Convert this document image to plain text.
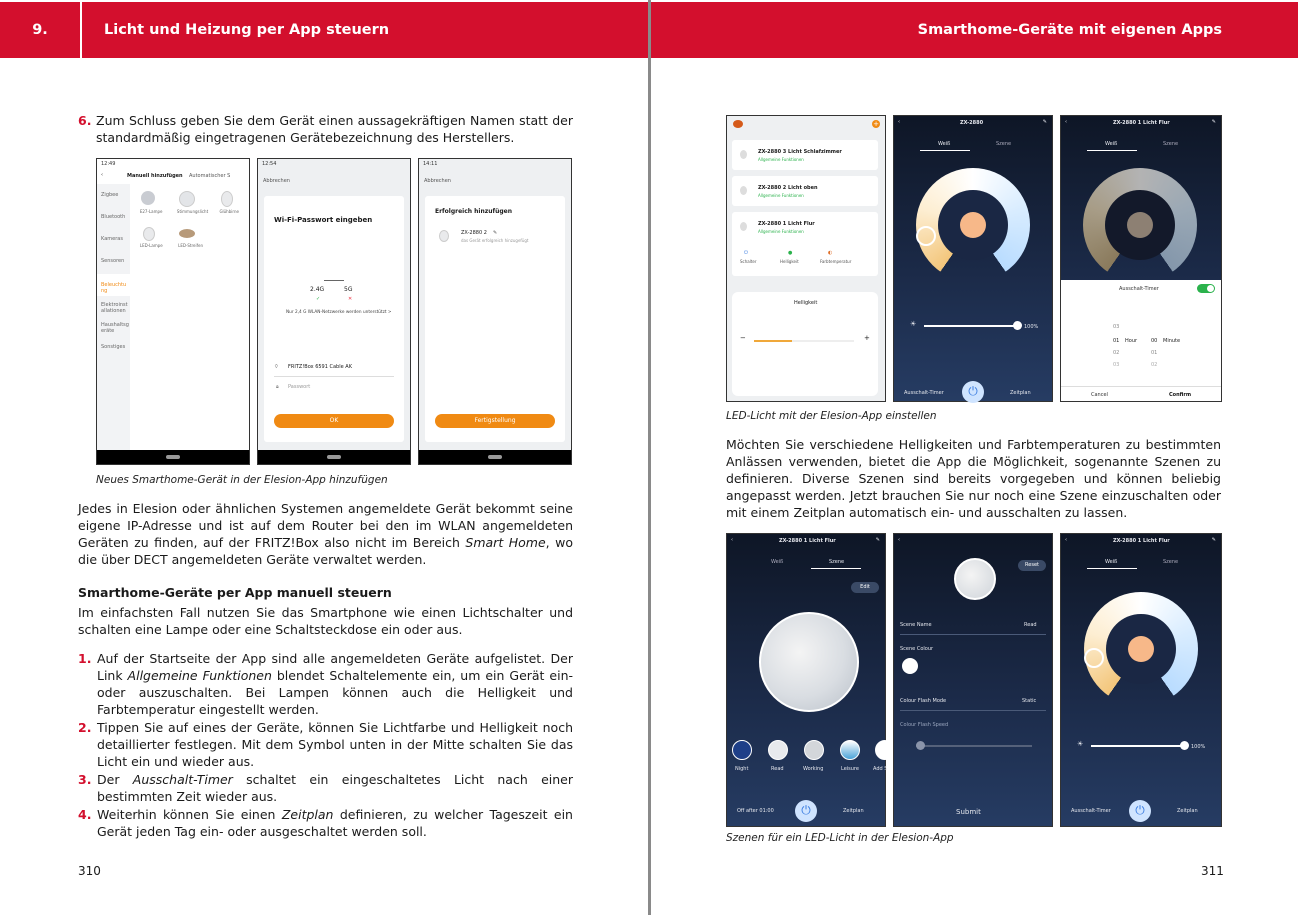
9.	Licht und Heizung per App steuern
6. Zum Schluss geben Sie dem Gerät einen aussagekräftigen Namen statt der standardmäßig eingetragenen Gerätebezeichnung des Herstellers.
12:49
‹	Manuell hinzufügen Automatischer S
Zigbee
Bluetooth
Kameras
Sensoren
Beleuchtung
Elektroinstallationen
Haushaltsgeräte
Sonstiges
E27-Lampe	Stimmungslicht Glühbirne
LED-Lampe	LED-Streifen
12:54
Abbrechen
Wi-Fi-Passwort eingeben
2.4G	5G
✓	✕
Nur 2,4 G WLAN-Netzwerke werden unterstützt >
⌔ FRITZ!Box 6591 Cable AK
🔒︎ Passwort
OK
14:11
Abbrechen
Erfolgreich hinzufügen
ZX-2880 2 ✎
das Gerät erfolgreich hinzugefügt
Fertigstellung
Neues Smarthome-Gerät in der Elesion-App hinzufügen
Jedes in Elesion oder ähnlichen Systemen angemeldete Gerät bekommt seine eigene IP-Adresse und ist auf dem Router bei den im WLAN angemeldeten Geräten zu finden, auf der FRITZ!Box also nicht im Bereich Smart Home, wo die über DECT angemeldeten Geräte verwaltet werden.
Smarthome-Geräte per App manuell steuern
Im einfachsten Fall nutzen Sie das Smartphone wie einen Lichtschalter und schalten eine Lampe oder eine Schaltsteckdose ein oder aus.
1. Auf der Startseite der App sind alle angemeldeten Geräte aufgelistet. Der Link Allgemeine Funktionen blendet Schaltelemente ein, um ein Gerät ein- oder auszuschalten. Bei Lampen können auch die Helligkeit und Farbtemperatur eingestellt werden.
2. Tippen Sie auf eines der Geräte, können Sie Lichtfarbe und Helligkeit noch detaillierter festlegen. Mit dem Symbol unten in der Mitte schalten Sie das Licht ein und wieder aus.
3. Der Ausschalt-Timer schaltet ein eingeschaltetes Licht nach einer bestimmten Zeit wieder aus.
4. Weiterhin können Sie einen Zeitplan definieren, zu welcher Tageszeit ein Gerät jeden Tag ein- oder ausgeschaltet werden soll.
310
Smarthome-Geräte mit eigenen Apps
+
ZX-2880 3 Licht Schlafzimmer
Allgemeine Funktionen
ZX-2880 2 Licht oben
Allgemeine Funktionen
ZX-2880 1 Licht Flur
Allgemeine Funktionen
⏻
Schalter
●
Helligkeit
◐
Farbtemperatur
Helligkeit
−	+
‹	ZX-2880	✎
Weiß	Szene
☀	100%
Ausschalt-Timer ⏻	Zeitplan
‹	ZX-2880 1 Licht Flur	✎
Weiß	Szene
Ausschalt-Timer
03
01 Hour	00 Minute
02	01
03	02
Cancel	Confirm
LED-Licht mit der Elesion-App einstellen
Möchten Sie verschiedene Helligkeiten und Farbtemperaturen zu bestimmten Anlässen verwenden, bietet die App die Möglichkeit, sogenannte Szenen zu definieren. Diverse Szenen sind bereits vorgegeben und können beliebig angepasst werden. Jetzt brauchen Sie nur noch eine Szene einzuschalten oder mit einem Zeitplan automatisch ein- und ausschalten zu lassen.
‹	ZX-2880 1 Licht Flur	✎
Weiß	Szene
Edit
Night	Read	Working	Leisure	Add S
Off after 01:00 ⏻	Zeitplan
‹
Reset
Scene Name	Read
Scene Colour
Colour Flash Mode	Static
Colour Flash Speed
Submit
‹	ZX-2880 1 Licht Flur	✎
Weiß	Szene
☀	100%
Ausschalt-Timer ⏻	Zeitplan
Szenen für ein LED-Licht in der Elesion-App
311
